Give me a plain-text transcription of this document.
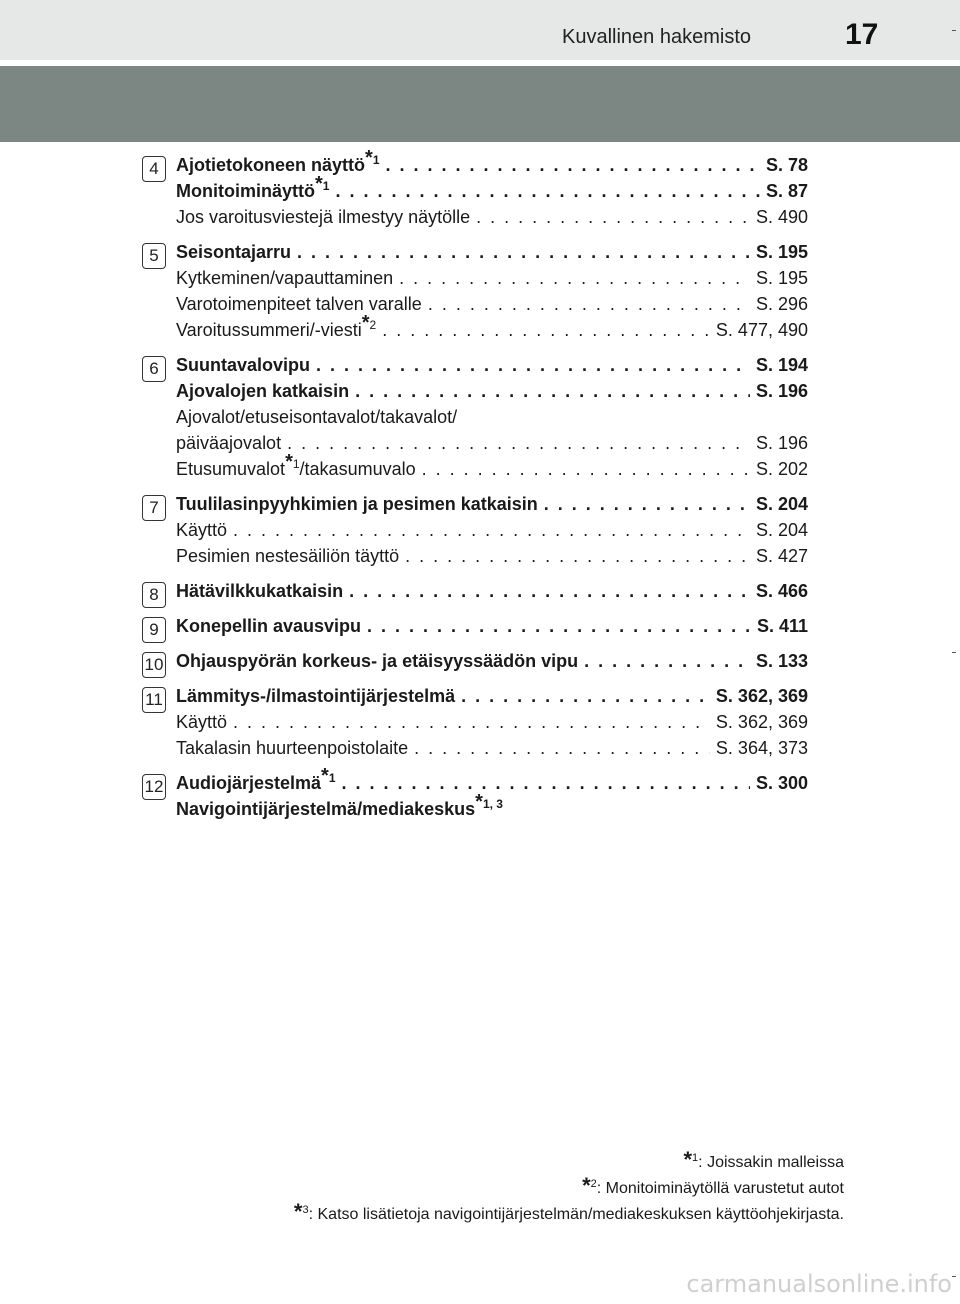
Kuvallinen hakemisto	17
4 Ajotietokoneen näyttö$^{*1}$ . . .	S. 78
Monitoiminäyttö$^{*1}$ . . .	S. 87
Jos varoitusviestejä ilmestyy näytölle . . .	S. 490
5 Seisontajarru . . .	S. 195
Kytkeminen/vapauttaminen . . .	S. 195
Varotoimenpiteet talven varalle . . .	S. 296
Varoitussummeri/-viesti$^{*2}$ . . .	S. 477, 490
6 Suuntavalovipu . . .	S. 194
Ajovalojen katkaisin . . .	S. 196
Ajovalot/etuseisontavalot/takavalot/
päiväajovalot . . .	S. 196
Etusumuvalot$^{*1}$/takasumuvalo . . .	S. 202
7 Tuulilasinpyyhkimien ja pesimen katkaisin . . .	S. 204
Käyttö . . .	S. 204
Pesimien nestesäiliön täyttö . . .	S. 427
8 Hätävilkkukatkaisin . . .	S. 466
9 Konepellin avausvipu . . .	S. 411
10 Ohjauspyörän korkeus- ja etäisyyssäädön vipu . . .	S. 133
11 Lämmitys-/ilmastointijärjestelmä . . .	S. 362, 369
Käyttö . . .	S. 362, 369
Takalasin huurteenpoistolaite . . .	S. 364, 373
12 Audiojärjestelmä$^{*1}$ . . .	S. 300
Navigointijärjestelmä/mediakeskus$^{*1, 3}$
*$^1$: Joissakin malleissa
*$^2$: Monitoiminäytöllä varustetut autot
*$^3$: Katso lisätietoja navigointijärjestelmän/mediakeskuksen käyttöohjekirjasta.
carmanualsonline.info
